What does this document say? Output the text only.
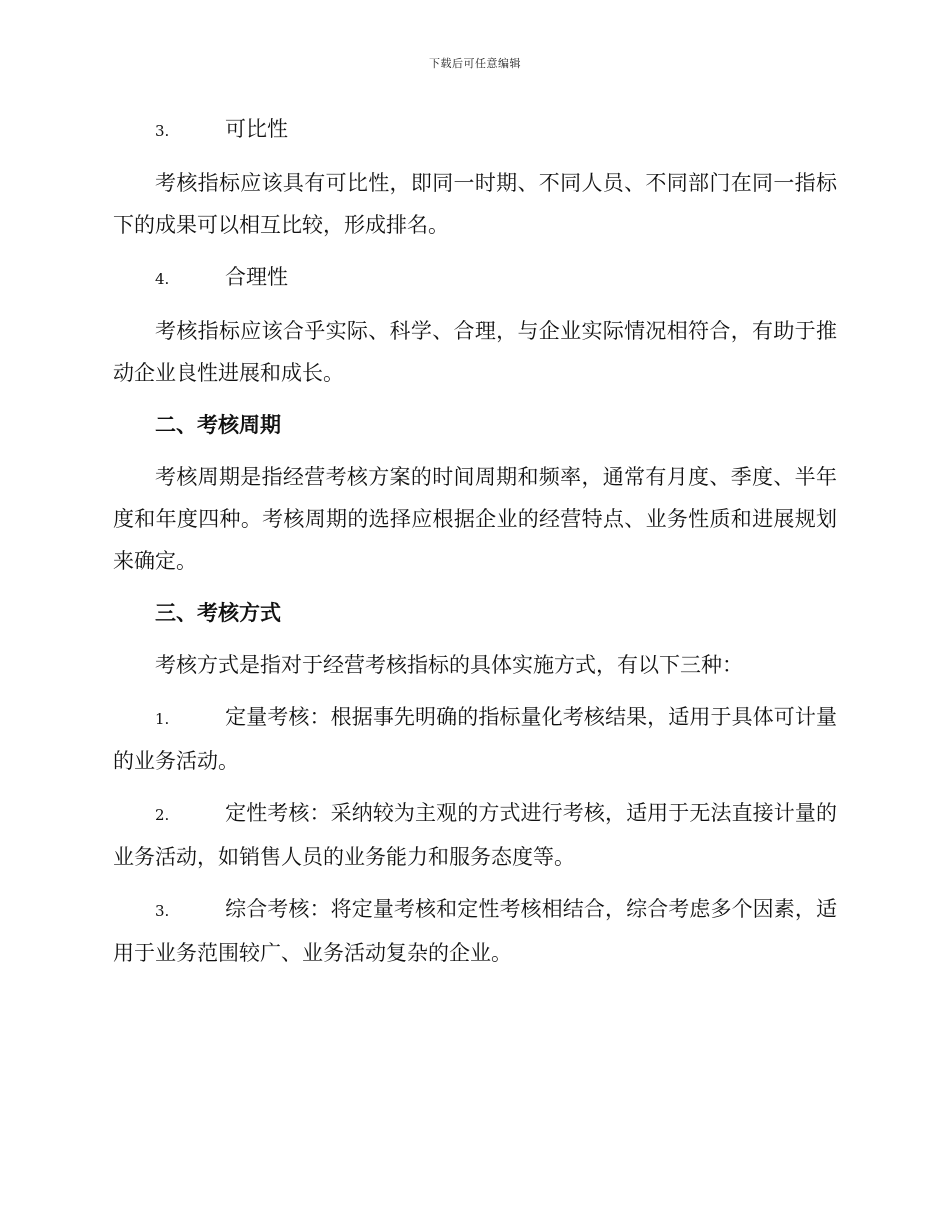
下载后可任意编辑
3.	可比性

考核指标应该具有可比性，即同一时期、不同人员、不同部门在同一指标下的成果可以相互比较，形成排名。

4.	合理性

考核指标应该合乎实际、科学、合理，与企业实际情况相符合，有助于推动企业良性进展和成长。

二、考核周期

考核周期是指经营考核方案的时间周期和频率，通常有月度、季度、半年度和年度四种。考核周期的选择应根据企业的经营特点、业务性质和进展规划来确定。

三、考核方式

考核方式是指对于经营考核指标的具体实施方式，有以下三种：

1.	定量考核：根据事先明确的指标量化考核结果，适用于具体可计量的业务活动。
2.	定性考核：采纳较为主观的方式进行考核，适用于无法直接计量的业务活动，如销售人员的业务能力和服务态度等。
3.	综合考核：将定量考核和定性考核相结合，综合考虑多个因素，适用于业务范围较广、业务活动复杂的企业。
